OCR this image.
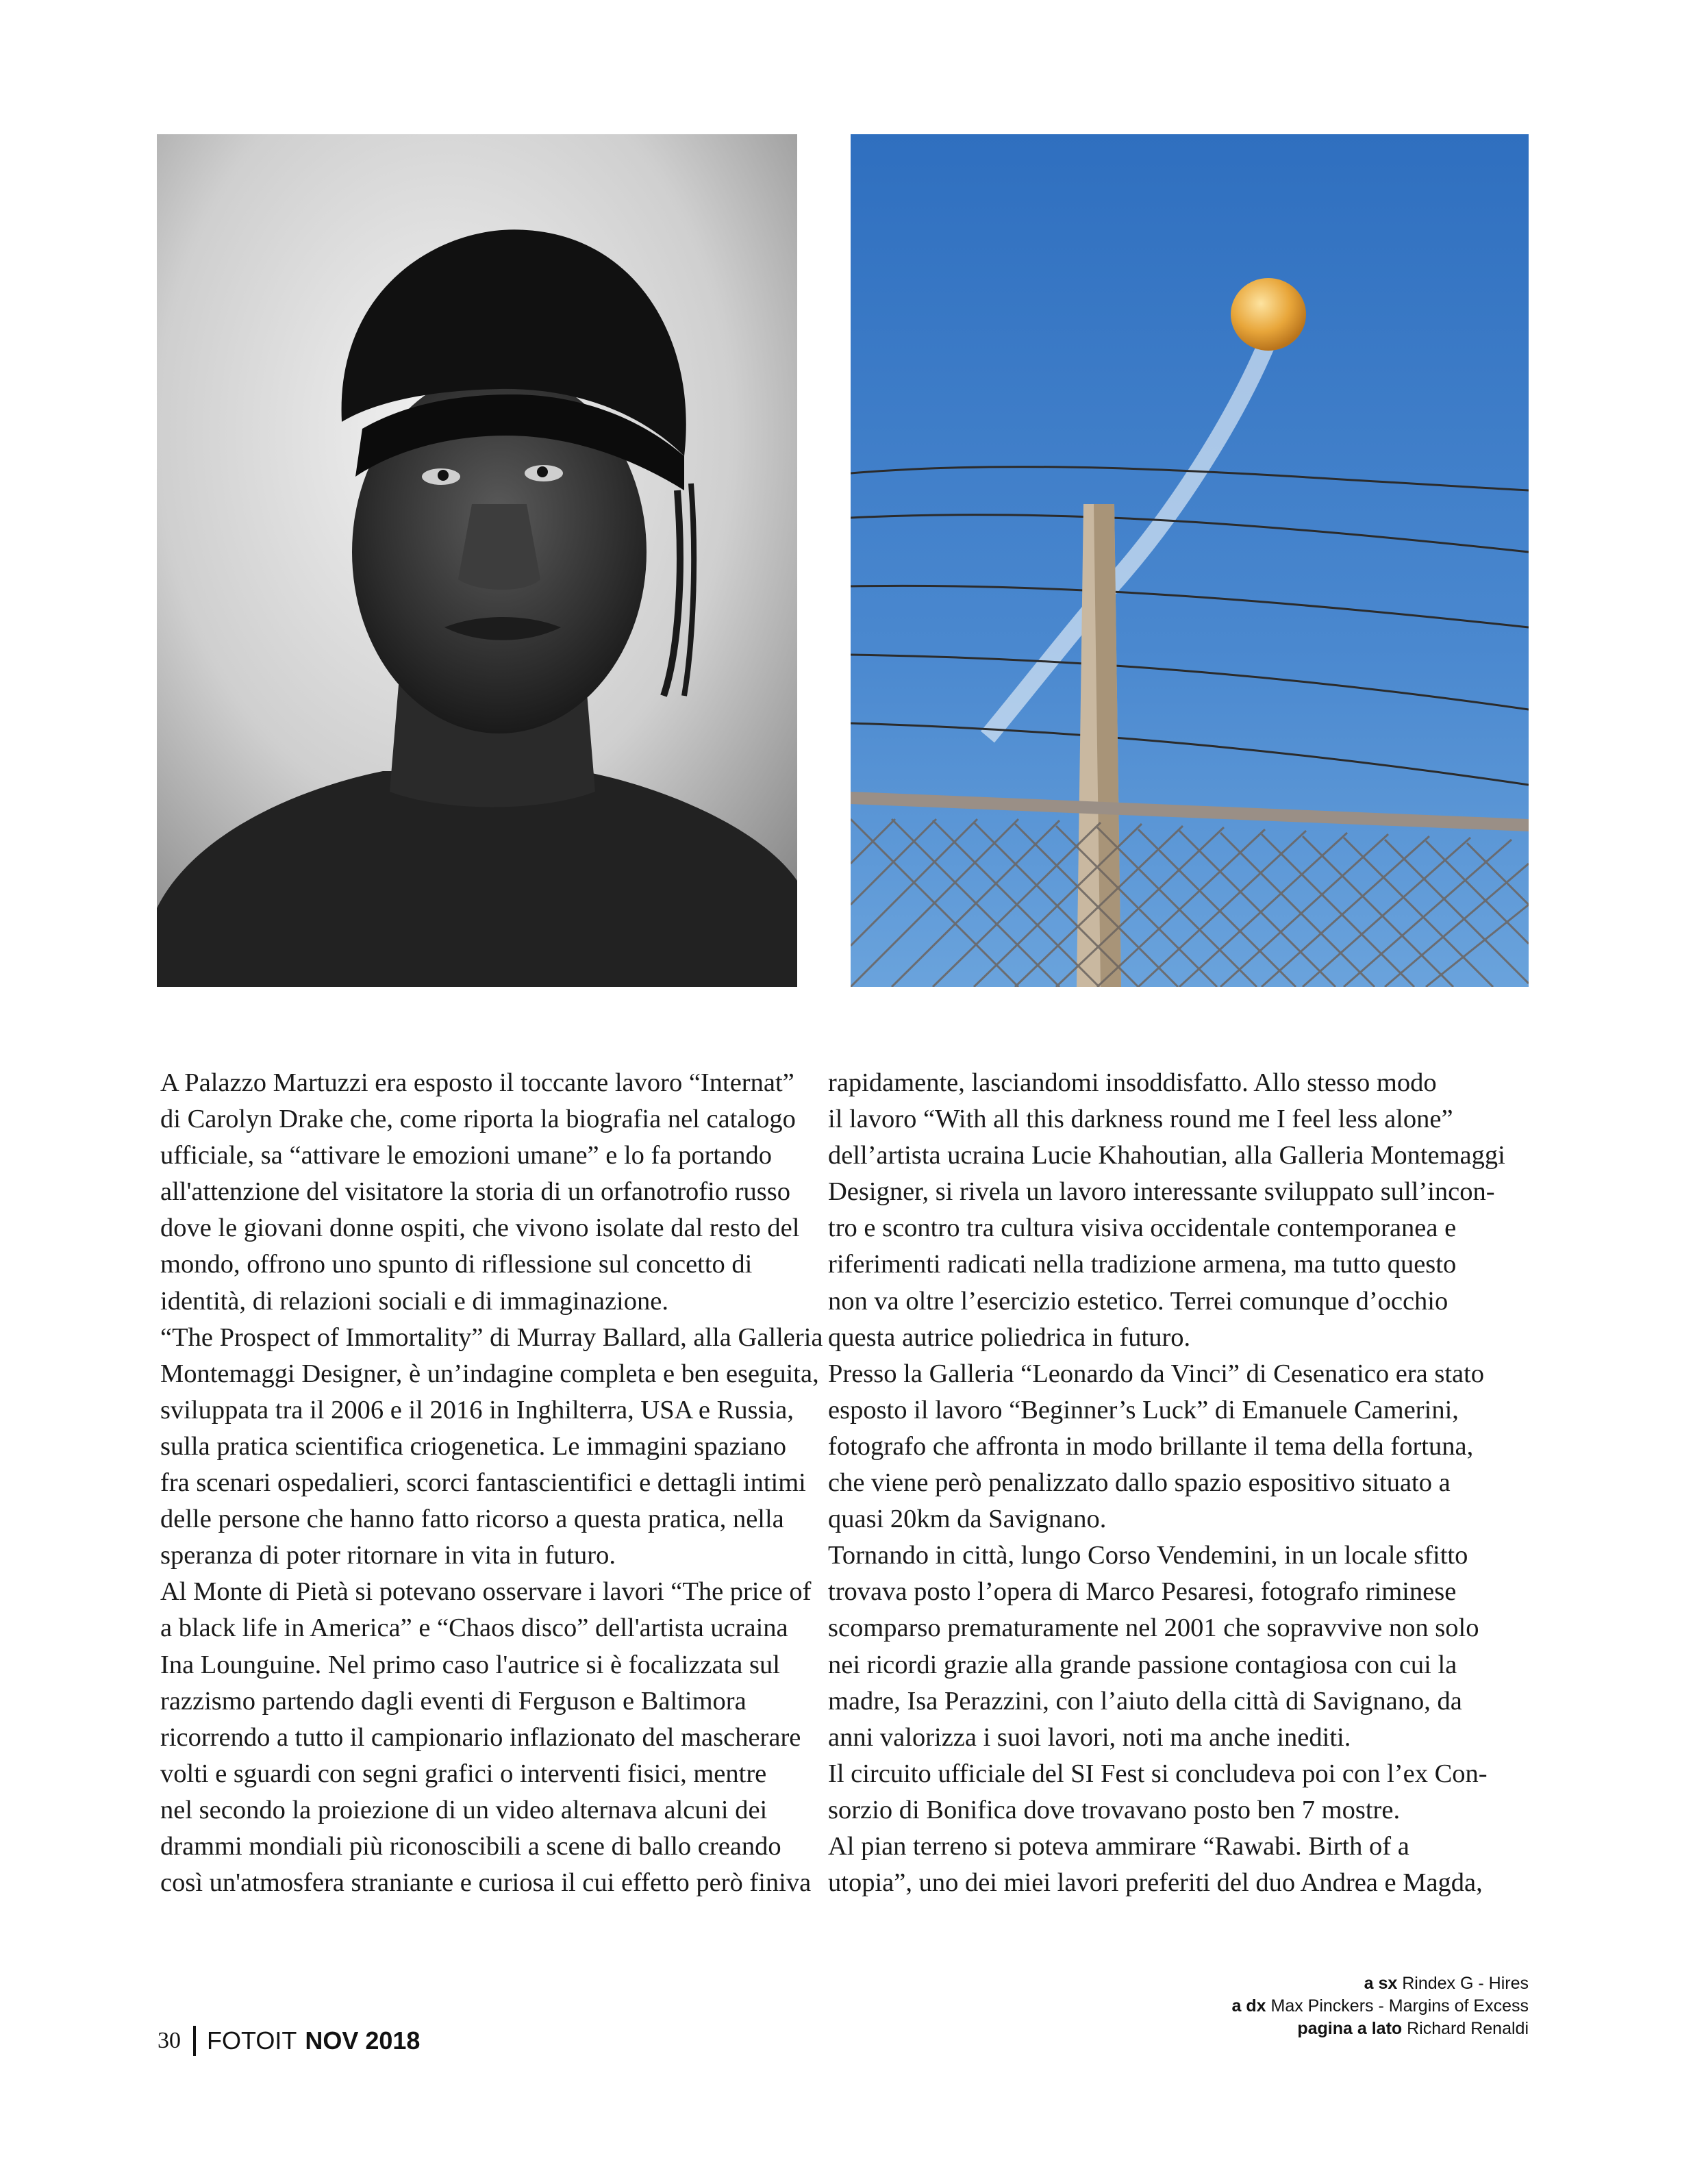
A Palazzo Martuzzi era esposto il toccante lavoro “Internat”
di Carolyn Drake che, come riporta la biografia nel catalogo
ufficiale, sa “attivare le emozioni umane” e lo fa portando
all'attenzione del visitatore la storia di un orfanotrofio russo
dove le giovani donne ospiti, che vivono isolate dal resto del
mondo, offrono uno spunto di riflessione sul concetto di
identità, di relazioni sociali e di immaginazione.
“The Prospect of Immortality” di Murray Ballard, alla Galleria
Montemaggi Designer, è un’indagine completa e ben eseguita,
sviluppata tra il 2006 e il 2016 in Inghilterra, USA e Russia,
sulla pratica scientifica criogenetica. Le immagini spaziano
fra scenari ospedalieri, scorci fantascientifici e dettagli intimi
delle persone che hanno fatto ricorso a questa pratica, nella
speranza di poter ritornare in vita in futuro.
Al Monte di Pietà si potevano osservare i lavori “The price of
a black life in America” e “Chaos disco” dell'artista ucraina
Ina Lounguine. Nel primo caso l'autrice si è focalizzata sul
razzismo partendo dagli eventi di Ferguson e Baltimora
ricorrendo a tutto il campionario inflazionato del mascherare
volti e sguardi con segni grafici o interventi fisici, mentre
nel secondo la proiezione di un video alternava alcuni dei
drammi mondiali più riconoscibili a scene di ballo creando
così un'atmosfera straniante e curiosa il cui effetto però finiva
rapidamente, lasciandomi insoddisfatto. Allo stesso modo
il lavoro “With all this darkness round me I feel less alone”
dell’artista ucraina Lucie Khahoutian, alla Galleria Montemaggi
Designer, si rivela un lavoro interessante sviluppato sull’incon-
tro e scontro tra cultura visiva occidentale contemporanea e
riferimenti radicati nella tradizione armena, ma tutto questo
non va oltre l’esercizio estetico. Terrei comunque d’occhio
questa autrice poliedrica in futuro.
Presso la Galleria “Leonardo da Vinci” di Cesenatico era stato
esposto il lavoro “Beginner’s Luck” di Emanuele Camerini,
fotografo che affronta in modo brillante il tema della fortuna,
che viene però penalizzato dallo spazio espositivo situato a
quasi 20km da Savignano.
Tornando in città, lungo Corso Vendemini, in un locale sfitto
trovava posto l’opera di Marco Pesaresi, fotografo riminese
scomparso prematuramente nel 2001 che sopravvive non solo
nei ricordi grazie alla grande passione contagiosa con cui la
madre, Isa Perazzini, con l’aiuto della città di Savignano, da
anni valorizza i suoi lavori, noti ma anche inediti.
Il circuito ufficiale del SI Fest si concludeva poi con l’ex Con-
sorzio di Bonifica dove trovavano posto ben 7 mostre.
Al pian terreno si poteva ammirare “Rawabi. Birth of a
utopia”, uno dei miei lavori preferiti del duo Andrea e Magda,
30 FOTOIT NOV 2018
a sx Rindex G - Hires
a dx Max Pinckers - Margins of Excess
pagina a lato Richard Renaldi
